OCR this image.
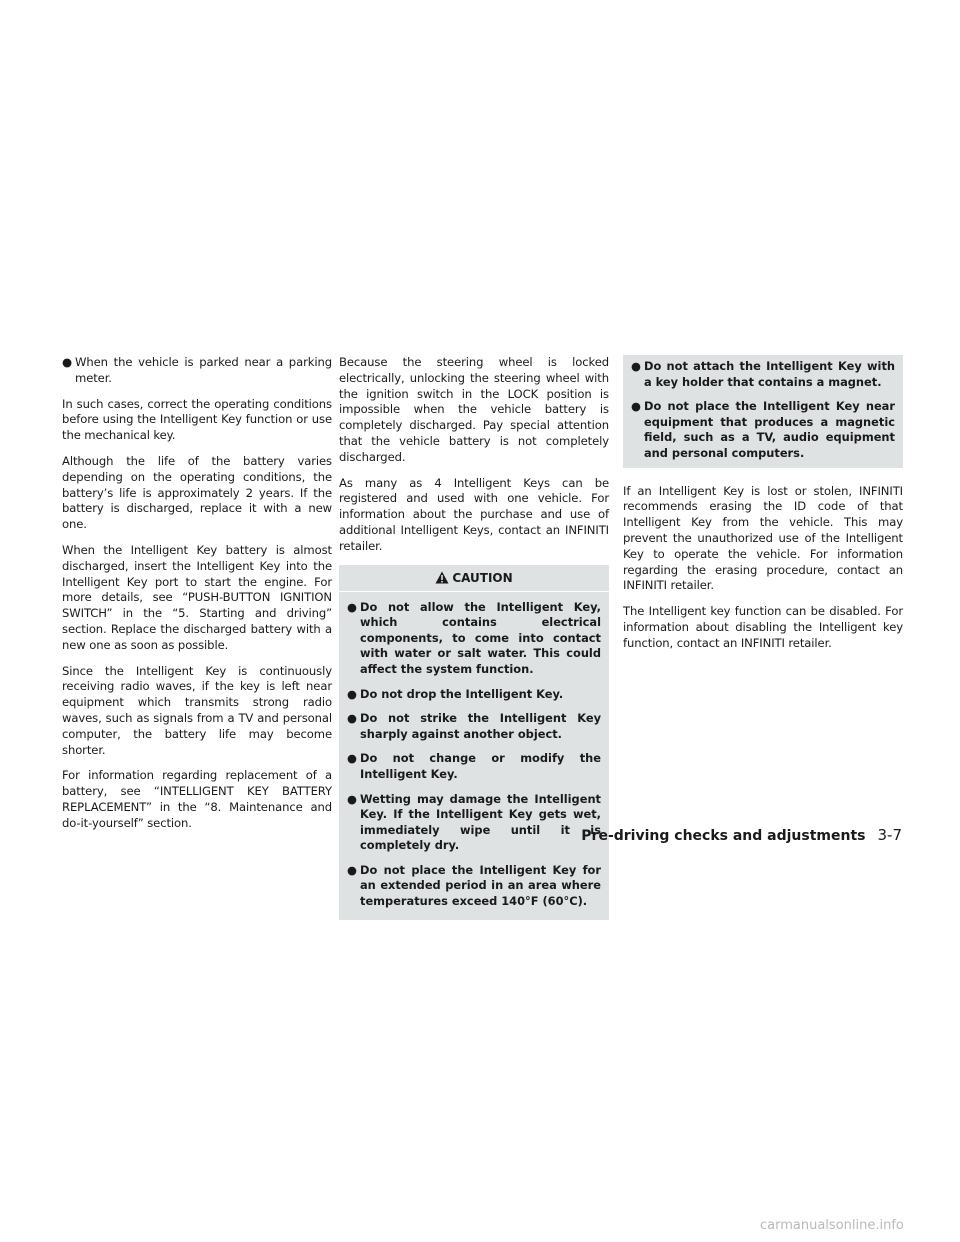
● When the vehicle is parked near a parking meter.

In such cases, correct the operating conditions before using the Intelligent Key function or use the mechanical key.

Although the life of the battery varies depending on the operating conditions, the battery’s life is approximately 2 years. If the battery is discharged, replace it with a new one.

When the Intelligent Key battery is almost discharged, insert the Intelligent Key into the Intelligent Key port to start the engine. For more details, see “PUSH-BUTTON IGNITION SWITCH” in the “5. Starting and driving” section. Replace the discharged battery with a new one as soon as possible.

Since the Intelligent Key is continuously receiving radio waves, if the key is left near equipment which transmits strong radio waves, such as signals from a TV and personal computer, the battery life may become shorter.

For information regarding replacement of a battery, see “INTELLIGENT KEY BATTERY REPLACEMENT” in the “8. Maintenance and do-it-yourself” section.

Because the steering wheel is locked electrically, unlocking the steering wheel with the ignition switch in the LOCK position is impossible when the vehicle battery is completely discharged. Pay special attention that the vehicle battery is not completely discharged.

As many as 4 Intelligent Keys can be registered and used with one vehicle. For information about the purchase and use of additional Intelligent Keys, contact an INFINITI retailer.

CAUTION

● Do not allow the Intelligent Key, which contains electrical components, to come into contact with water or salt water. This could affect the system function.

● Do not drop the Intelligent Key.

● Do not strike the Intelligent Key sharply against another object.

● Do not change or modify the Intelligent Key.

● Wetting may damage the Intelligent Key. If the Intelligent Key gets wet, immediately wipe until it is completely dry.

● Do not place the Intelligent Key for an extended period in an area where temperatures exceed 140°F (60°C).

● Do not attach the Intelligent Key with a key holder that contains a magnet.

● Do not place the Intelligent Key near equipment that produces a magnetic field, such as a TV, audio equipment and personal computers.

If an Intelligent Key is lost or stolen, INFINITI recommends erasing the ID code of that Intelligent Key from the vehicle. This may prevent the unauthorized use of the Intelligent Key to operate the vehicle. For information regarding the erasing procedure, contact an INFINITI retailer.

The Intelligent key function can be disabled. For information about disabling the Intelligent key function, contact an INFINITI retailer.

Pre-driving checks and adjustments 3-7
carmanualsonline.info
